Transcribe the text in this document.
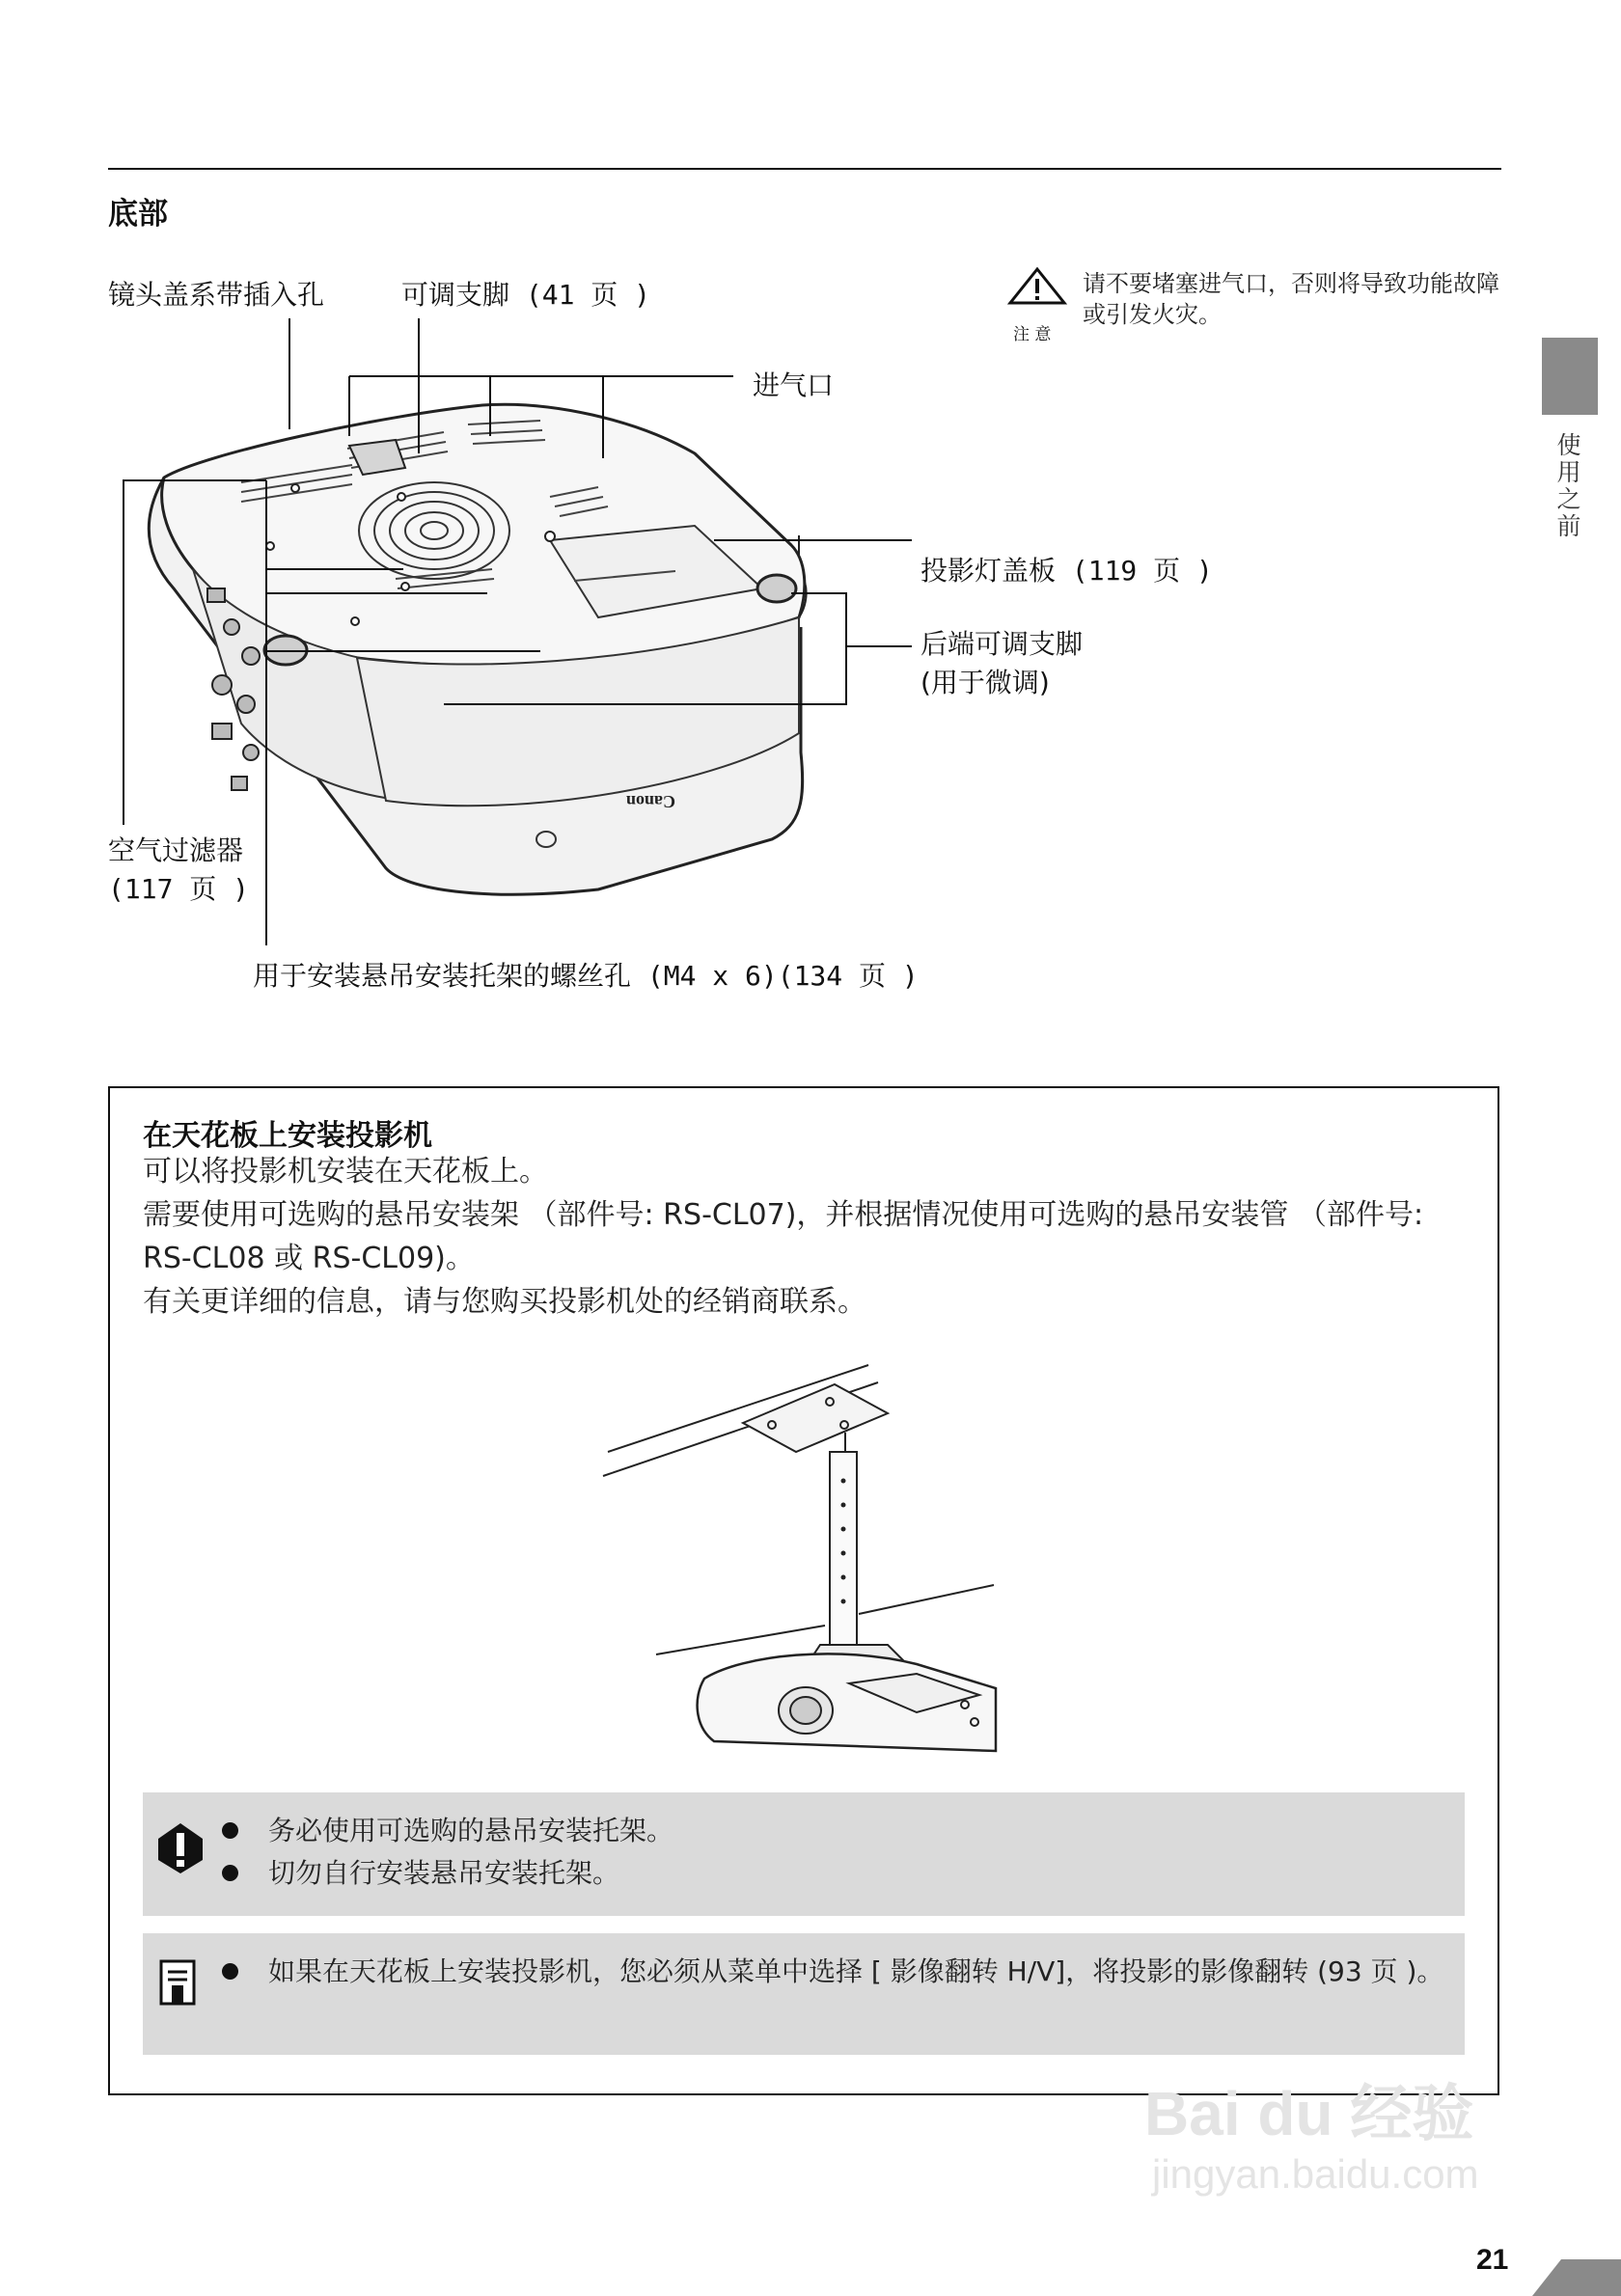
底部
注 意
请不要堵塞进气口，否则将导致功能故障或引发火灾。
使用之前
镜头盖系带插入孔	可调支脚 (41 页 )
进气口
投影灯盖板 (119 页 )
后端可调支脚
(用于微调)
空气过滤器
(117 页 )
用于安装悬吊安装托架的螺丝孔 (M4 x 6)(134 页 )
Canon
在天花板上安装投影机

可以将投影机安装在天花板上。

需要使用可选购的悬吊安装架 （部件号: RS-CL07)，并根据情况使用可选购的悬吊安装管 （部件号: RS-CL08 或 RS-CL09)。

有关更详细的信息，请与您购买投影机处的经销商联系。

务必使用可选购的悬吊安装托架。
切勿自行安装悬吊安装托架。
如果在天花板上安装投影机，您必须从菜单中选择 [ 影像翻转 H/V]，将投影的影像翻转 (93 页 )。
Bai du 经验
jingyan.baidu.com
21
